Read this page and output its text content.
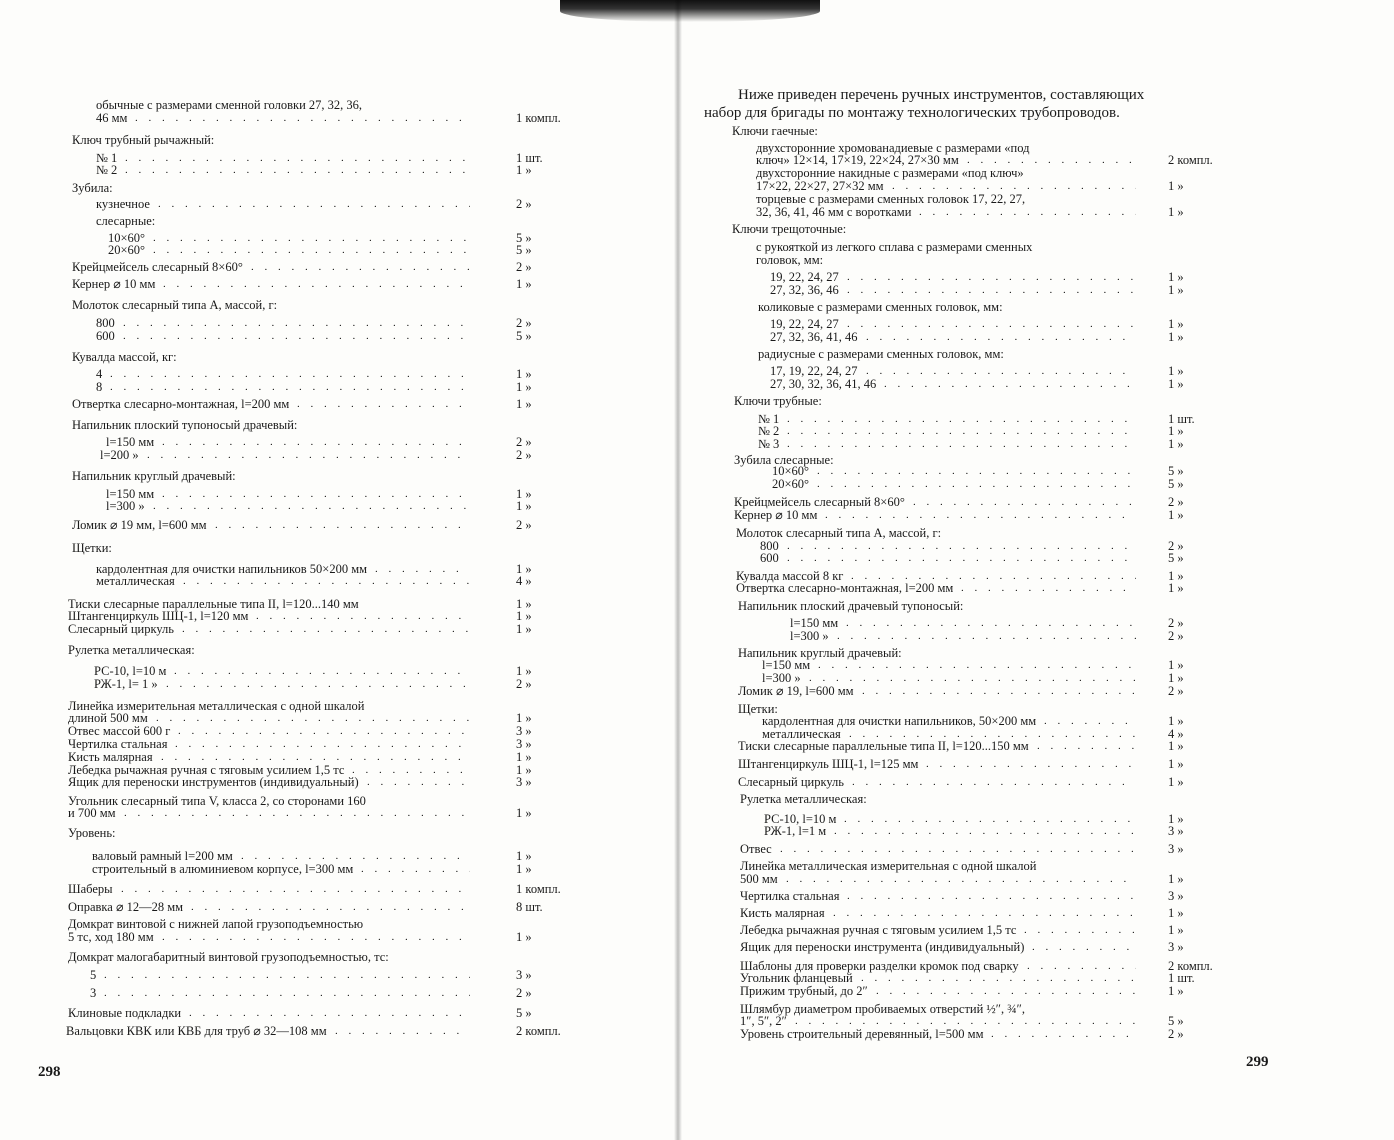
обычные с размерами сменной головки 27, 32, 36,
46 мм	1 компл.
. . .
Ключ трубный рычажный:
№ 1	1 шт.
. . .
№ 2	1 »
. . .
Зубила:
кузнечное	2 »
. . .
слесарные:
10×60°	5 »
. . .
20×60°	5 »
. . .
Крейцмейсель слесарный 8×60°	2 »
. . .
Кернер ⌀ 10 мм	1 »
. . .
Молоток слесарный типа А, массой, г:
800	2 »
. . .
600	5 »
. . .
Кувалда массой, кг:
4	1 »
. . .
8	1 »
. . .
Отвертка слесарно-монтажная, l=200 мм	1 »
. . .
Напильник плоский тупоносый драчевый:
l=150 мм	2 »
. . .
l=200 »	2 »
. . .
Напильник круглый драчевый:
l=150 мм	1 »
. . .
l=300 »	1 »
. . .
Ломик ⌀ 19 мм, l=600 мм	2 »
. . .
Щетки:
кардолентная для очистки напильников 50×200 мм	1 »
. . .
металлическая	4 »
. . .
Тиски слесарные параллельные типа II, l=120...140 мм	1 »
Штангенциркуль ШЦ-1, l=120 мм	1 »
. . .
Слесарный циркуль	1 »
. . .
Рулетка металлическая:
РС-10, l=10 м	1 »
. . .
РЖ-1, l= 1 »	2 »
. . .
Линейка измерительная металлическая с одной шкалой
длиной 500 мм	1 »
. . .
Отвес массой 600 г	3 »
. . .
Чертилка стальная	3 »
. . .
Кисть малярная	1 »
. . .
Лебедка рычажная ручная с тяговым усилием 1,5 тс	1 »
. . .
Ящик для переноски инструментов (индивидуальный)	3 »
. . .
Угольник слесарный типа V, класса 2, со сторонами 160
и 700 мм	1 »
. . .
Уровень:
валовый рамный l=200 мм	1 »
. . .
строительный в алюминиевом корпусе, l=300 мм	1 »
. . .
Шаберы	1 компл.
. . .
Оправка ⌀ 12—28 мм	8 шт.
. . .
Домкрат винтовой с нижней лапой грузоподъемностью
5 тс, ход 180 мм	1 »
. . .
Домкрат малогабаритный винтовой грузоподъемностью, тс:
5	3 »
. . .
3	2 »
. . .
Клиновые подкладки	5 »
. . .
Вальцовки КВК или КВБ для труб ⌀ 32—108 мм	2 компл.
. . .
298
Ниже приведен перечень ручных инструментов, составляющих
набор для бригады по монтажу технологических трубопроводов.
Ключи гаечные:
двухсторонние хромованадиевые с размерами «под
ключ» 12×14, 17×19, 22×24, 27×30 мм	2 компл.
. . .
двухсторонние накидные с размерами «под ключ»
17×22, 22×27, 27×32 мм	1 »
. . .
торцевые с размерами сменных головок 17, 22, 27,
32, 36, 41, 46 мм с воротками	1 »
. . .
Ключи трещоточные:
с рукояткой из легкого сплава с размерами сменных
головок, мм:
19, 22, 24, 27	1 »
. . .
27, 32, 36, 46	1 »
. . .
коликовые с размерами сменных головок, мм:
19, 22, 24, 27	1 »
. . .
27, 32, 36, 41, 46	1 »
. . .
радиусные с размерами сменных головок, мм:
17, 19, 22, 24, 27	1 »
. . .
27, 30, 32, 36, 41, 46	1 »
. . .
Ключи трубные:
№ 1	1 шт.
. . .
№ 2	1 »
. . .
№ 3	1 »
. . .
Зубила слесарные:
10×60°	5 »
. . .
20×60°	5 »
. . .
Крейцмейсель слесарный 8×60°	2 »
. . .
Кернер ⌀ 10 мм	1 »
. . .
Молоток слесарный типа А, массой, г:
800	2 »
. . .
600	5 »
. . .
Кувалда массой 8 кг	1 »
. . .
Отвертка слесарно-монтажная, l=200 мм	1 »
. . .
Напильник плоский драчевый тупоносый:
l=150 мм	2 »
. . .
l=300 »	2 »
. . .
Напильник круглый драчевый:
l=150 мм	1 »
. . .
l=300 »	1 »
. . .
Ломик ⌀ 19, l=600 мм	2 »
. . .
Щетки:
кардолентная для очистки напильников, 50×200 мм	1 »
. . .
металлическая	4 »
. . .
Тиски слесарные параллельные типа II, l=120...150 мм	1 »
. . .
Штангенциркуль ШЦ-1, l=125 мм	1 »
. . .
Слесарный циркуль	1 »
. . .
Рулетка металлическая:
РС-10, l=10 м	1 »
. . .
РЖ-1, l=1 м	3 »
. . .
Отвес	3 »
. . .
Линейка металлическая измерительная с одной шкалой
500 мм	1 »
. . .
Чертилка стальная	3 »
. . .
Кисть малярная	1 »
. . .
Лебедка рычажная ручная с тяговым усилием 1,5 тс	1 »
. . .
Ящик для переноски инструмента (индивидуальный)	3 »
. . .
Шаблоны для проверки разделки кромок под сварку	2 компл.
. . .
Угольник фланцевый	1 шт.
. . .
Прижим трубный, до 2″	1 »
. . .
Шлямбур диаметром пробиваемых отверстий ½″, ¾″,
1″, 5″, 2″	5 »
. . .
Уровень строительный деревянный, l=500 мм	2 »
. . .
299
